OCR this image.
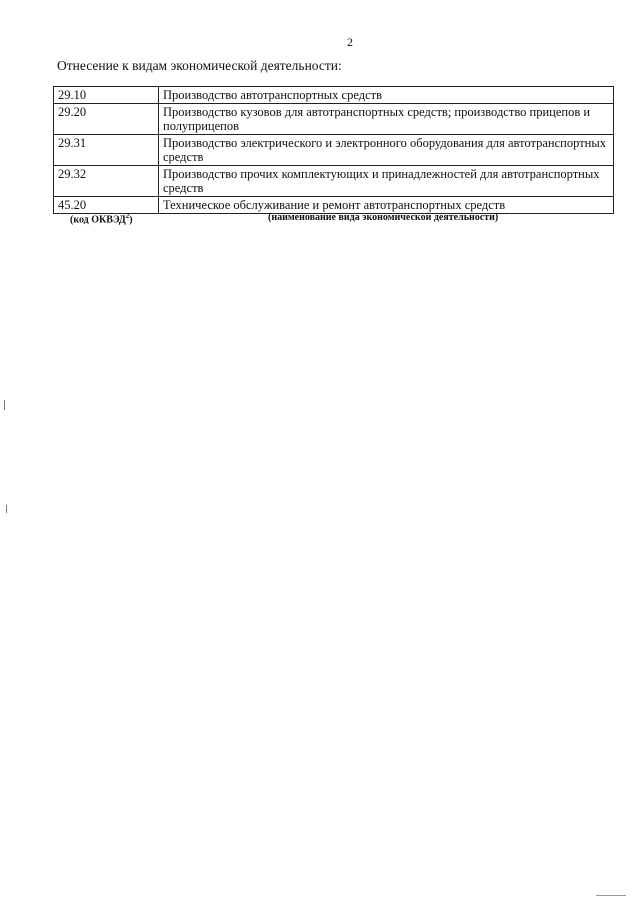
2
Отнесение к видам экономической деятельности:
29.10	Производство автотранспортных средств
29.20	Производство кузовов для автотранспортных средств; производство прицепов и полуприцепов
29.31	Производство электрического и электронного оборудования для автотранспортных средств
29.32	Производство прочих комплектующих и принадлежностей для автотранспортных средств
45.20	Техническое обслуживание и ремонт автотранспортных средств
(код ОКВЭД$^2$)	(наименование вида экономической деятельности)
